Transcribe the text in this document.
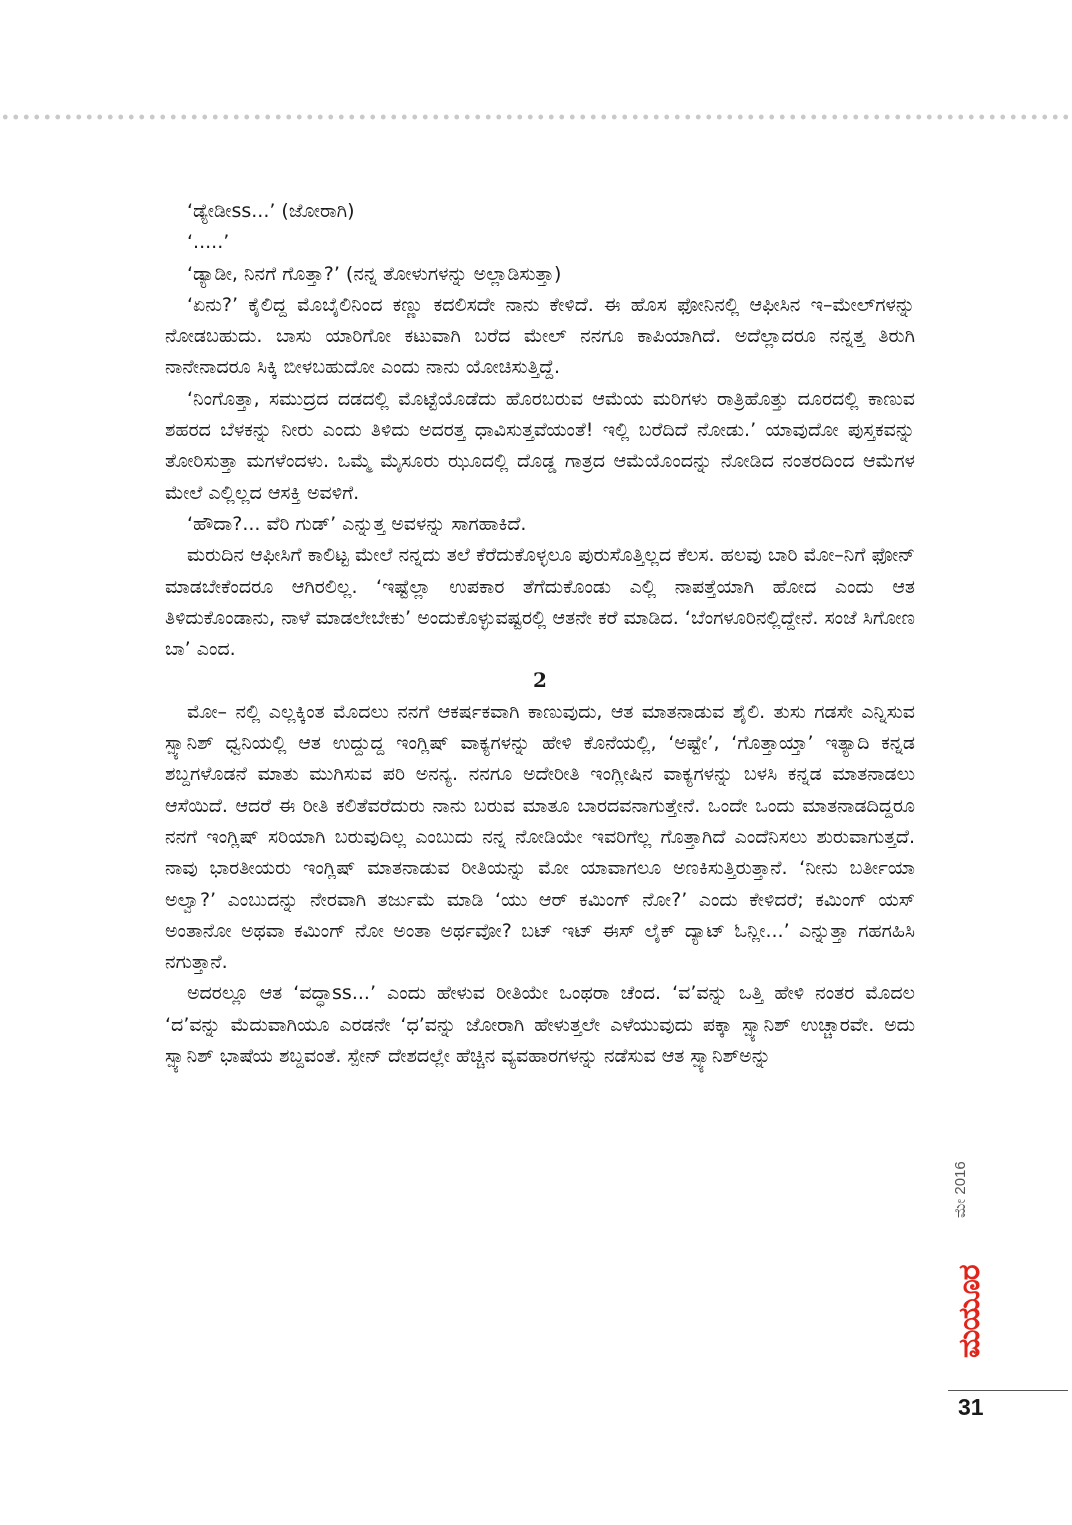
‘ಡ್ಯೇಡೀss...’ (ಜೋರಾಗಿ)

‘.....’

‘ಡ್ಯಾಡೀ, ನಿನಗೆ ಗೊತ್ತಾ?’ (ನನ್ನ ತೋಳುಗಳನ್ನು ಅಲ್ಲಾಡಿಸುತ್ತಾ)

‘ಏನು?’ ಕೈಲಿದ್ದ ಮೊಬೈಲಿನಿಂದ ಕಣ್ಣು ಕದಲಿಸದೇ ನಾನು ಕೇಳಿದೆ. ಈ ಹೊಸ ಫೋನಿನಲ್ಲಿ ಆಫೀಸಿನ ಇ–ಮೇಲ್‌ಗಳನ್ನು ನೋಡಬಹುದು. ಬಾಸು ಯಾರಿಗೋ ಕಟುವಾಗಿ ಬರೆದ ಮೇಲ್ ನನಗೂ ಕಾಪಿಯಾಗಿದೆ. ಅದೆಲ್ಲಾದರೂ ನನ್ನತ್ತ ತಿರುಗಿ ನಾನೇನಾದರೂ ಸಿಕ್ಕಿ ಬೀಳಬಹುದೋ ಎಂದು ನಾನು ಯೋಚಿಸುತ್ತಿದ್ದೆ.

‘ನಿಂಗೊತ್ತಾ, ಸಮುದ್ರದ ದಡದಲ್ಲಿ ಮೊಟ್ಟೆಯೊಡೆದು ಹೊರಬರುವ ಆಮೆಯ ಮರಿಗಳು ರಾತ್ರಿಹೊತ್ತು ದೂರದಲ್ಲಿ ಕಾಣುವ ಶಹರದ ಬೆಳಕನ್ನು ನೀರು ಎಂದು ತಿಳಿದು ಅದರತ್ತ ಧಾವಿಸುತ್ತವೆಯಂತೆ! ಇಲ್ಲಿ ಬರೆದಿದೆ ನೋಡು.’ ಯಾವುದೋ ಪುಸ್ತಕವನ್ನು ತೋರಿಸುತ್ತಾ ಮಗಳೆಂದಳು. ಒಮ್ಮೆ ಮೈಸೂರು ಝೂದಲ್ಲಿ ದೊಡ್ಡ ಗಾತ್ರದ ಆಮೆಯೊಂದನ್ನು ನೋಡಿದ ನಂತರದಿಂದ ಆಮೆಗಳ ಮೇಲೆ ಎಲ್ಲಿಲ್ಲದ ಆಸಕ್ತಿ ಅವಳಿಗೆ.

‘ಹೌದಾ?... ವೆರಿ ಗುಡ್’ ಎನ್ನುತ್ತ ಅವಳನ್ನು ಸಾಗಹಾಕಿದೆ.

ಮರುದಿನ ಆಫೀಸಿಗೆ ಕಾಲಿಟ್ಟ ಮೇಲೆ ನನ್ನದು ತಲೆ ಕೆರೆದುಕೊಳ್ಳಲೂ ಪುರುಸೊತ್ತಿಲ್ಲದ ಕೆಲಸ. ಹಲವು ಬಾರಿ ಮೋ–ನಿಗೆ ಫೋನ್ ಮಾಡಬೇಕೆಂದರೂ ಆಗಿರಲಿಲ್ಲ. ‘ಇಷ್ಟೆಲ್ಲಾ ಉಪಕಾರ ತೆಗೆದುಕೊಂಡು ಎಲ್ಲಿ ನಾಪತ್ತೆಯಾಗಿ ಹೋದ ಎಂದು ಆತ ತಿಳಿದುಕೊಂಡಾನು, ನಾಳೆ ಮಾಡಲೇಬೇಕು’ ಅಂದುಕೊಳ್ಳುವಷ್ಟರಲ್ಲಿ ಆತನೇ ಕರೆ ಮಾಡಿದ. ‘ಬೆಂಗಳೂರಿನಲ್ಲಿದ್ದೇನೆ. ಸಂಜೆ ಸಿಗೋಣ ಬಾ’ ಎಂದ.

2

ಮೋ– ನಲ್ಲಿ ಎಲ್ಲಕ್ಕಿಂತ ಮೊದಲು ನನಗೆ ಆಕರ್ಷಕವಾಗಿ ಕಾಣುವುದು, ಆತ ಮಾತನಾಡುವ ಶೈಲಿ. ತುಸು ಗಡಸೇ ಎನ್ನಿಸುವ ಸ್ಪ್ಯಾನಿಶ್ ಧ್ವನಿಯಲ್ಲಿ ಆತ ಉದ್ದುದ್ದ ಇಂಗ್ಲಿಷ್ ವಾಕ್ಯಗಳನ್ನು ಹೇಳಿ ಕೊನೆಯಲ್ಲಿ, ‘ಅಷ್ಟೇ’, ‘ಗೊತ್ತಾಯ್ತಾ’ ಇತ್ಯಾದಿ ಕನ್ನಡ ಶಬ್ದಗಳೊಡನೆ ಮಾತು ಮುಗಿಸುವ ಪರಿ ಅನನ್ಯ. ನನಗೂ ಅದೇರೀತಿ ಇಂಗ್ಲೀಷಿನ ವಾಕ್ಯಗಳನ್ನು ಬಳಸಿ ಕನ್ನಡ ಮಾತನಾಡಲು ಆಸೆಯಿದೆ. ಆದರೆ ಈ ರೀತಿ ಕಲಿತೆವರೆದುರು ನಾನು ಬರುವ ಮಾತೂ ಬಾರದವನಾಗುತ್ತೇನೆ. ಒಂದೇ ಒಂದು ಮಾತನಾಡದಿದ್ದರೂ ನನಗೆ ಇಂಗ್ಲಿಷ್ ಸರಿಯಾಗಿ ಬರುವುದಿಲ್ಲ ಎಂಬುದು ನನ್ನ ನೋಡಿಯೇ ಇವರಿಗೆಲ್ಲ ಗೊತ್ತಾಗಿದೆ ಎಂದೆನಿಸಲು ಶುರುವಾಗುತ್ತದೆ. ನಾವು ಭಾರತೀಯರು ಇಂಗ್ಲಿಷ್ ಮಾತನಾಡುವ ರೀತಿಯನ್ನು ಮೋ ಯಾವಾಗಲೂ ಅಣಕಿಸುತ್ತಿರುತ್ತಾನೆ. ‘ನೀನು ಬರ್ತೀಯಾ ಅಲ್ವಾ?’ ಎಂಬುದನ್ನು ನೇರವಾಗಿ ತರ್ಜುಮೆ ಮಾಡಿ ‘ಯು ಆರ್ ಕಮಿಂಗ್ ನೋ?’ ಎಂದು ಕೇಳಿದರೆ; ಕಮಿಂಗ್ ಯಸ್ ಅಂತಾನೋ ಅಥವಾ ಕಮಿಂಗ್ ನೋ ಅಂತಾ ಅರ್ಥವೋ? ಬಟ್ ಇಟ್ ಈಸ್ ಲೈಕ್ ದ್ಯಾಟ್ ಓನ್ಲೀ...’ ಎನ್ನುತ್ತಾ ಗಹಗಹಿಸಿ ನಗುತ್ತಾನೆ.

ಅದರಲ್ಲೂ ಆತ ‘ವದ್ಧಾss...’ ಎಂದು ಹೇಳುವ ರೀತಿಯೇ ಒಂಥರಾ ಚೆಂದ. ‘ವ’ವನ್ನು ಒತ್ತಿ ಹೇಳಿ ನಂತರ ಮೊದಲ ‘ದ’ವನ್ನು ಮೆದುವಾಗಿಯೂ ಎರಡನೇ ‘ಧ’ವನ್ನು ಜೋರಾಗಿ ಹೇಳುತ್ತಲೇ ಎಳೆಯುವುದು ಪಕ್ಕಾ ಸ್ಪ್ಯಾನಿಶ್ ಉಚ್ಚಾರವೇ. ಅದು ಸ್ಪ್ಯಾನಿಶ್ ಭಾಷೆಯ ಶಬ್ದವಂತೆ. ಸ್ಪೇನ್ ದೇಶದಲ್ಲೇ ಹೆಚ್ಚಿನ ವ್ಯವಹಾರಗಳನ್ನು ನಡೆಸುವ ಆತ ಸ್ಪ್ಯಾನಿಶ್‌ಅನ್ನು

ಮೇ 2016
ಮಯೂರ
31
